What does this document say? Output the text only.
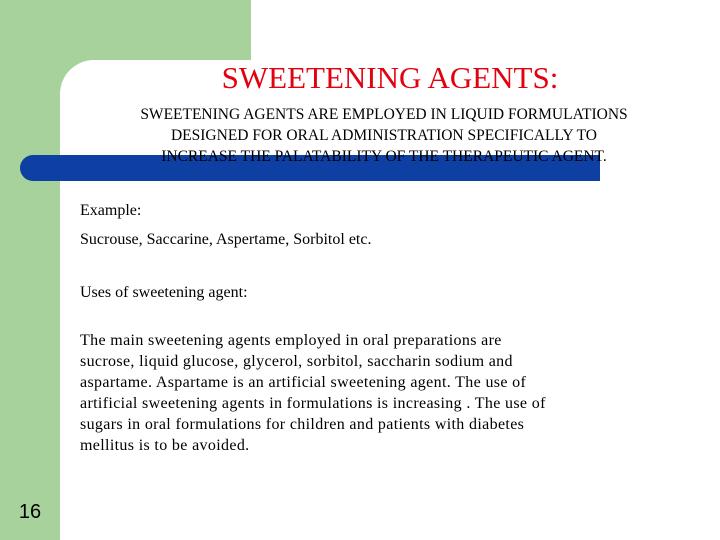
SWEETENING AGENTS:
SWEETENING AGENTS ARE EMPLOYED IN LIQUID FORMULATIONS
DESIGNED FOR ORAL ADMINISTRATION SPECIFICALLY TO
INCREASE THE PALATABILITY OF THE THERAPEUTIC AGENT.
Example:
Sucrouse, Saccarine, Aspertame, Sorbitol etc.
Uses of sweetening agent:
The main sweetening agents employed in oral preparations are
sucrose, liquid glucose, glycerol, sorbitol, saccharin sodium and
aspartame. Aspartame is an artificial sweetening agent. The use of
artificial sweetening agents in formulations is increasing . The use of
sugars in oral formulations for children and patients with diabetes
mellitus is to be avoided.
16
